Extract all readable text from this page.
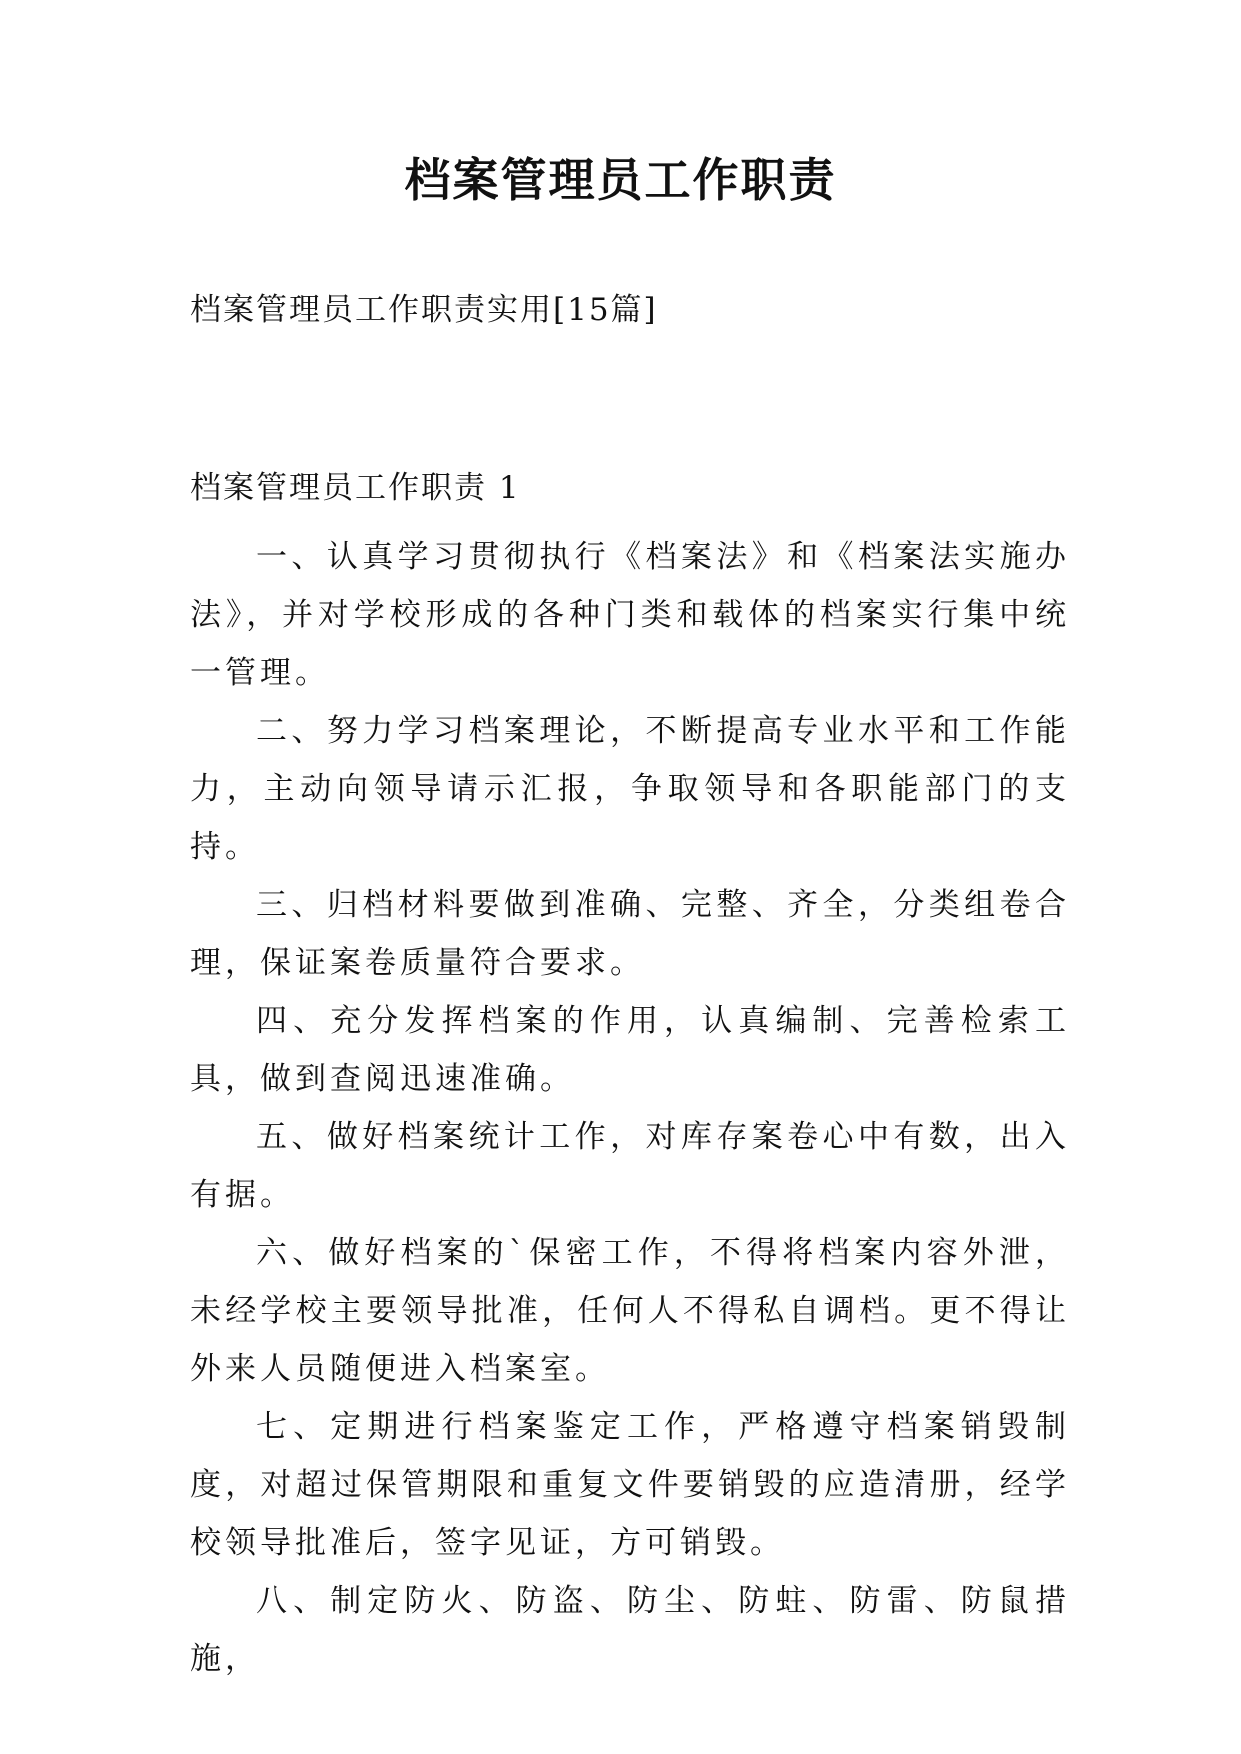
档案管理员工作职责

档案管理员工作职责实用[15篇]

档案管理员工作职责 1

一、认真学习贯彻执行《档案法》和《档案法实施办法》，并对学校形成的各种门类和载体的档案实行集中统一管理。

二、努力学习档案理论，不断提高专业水平和工作能力，主动向领导请示汇报，争取领导和各职能部门的支持。

三、归档材料要做到准确、完整、齐全，分类组卷合理，保证案卷质量符合要求。

四、充分发挥档案的作用，认真编制、完善检索工具，做到查阅迅速准确。

五、做好档案统计工作，对库存案卷心中有数，出入有据。

六、做好档案的`保密工作，不得将档案内容外泄，未经学校主要领导批准，任何人不得私自调档。更不得让外来人员随便进入档案室。

七、定期进行档案鉴定工作，严格遵守档案销毁制度，对超过保管期限和重复文件要销毁的应造清册，经学校领导批准后，签字见证，方可销毁。

八、制定防火、防盗、防尘、防蛀、防雷、防鼠措施，
